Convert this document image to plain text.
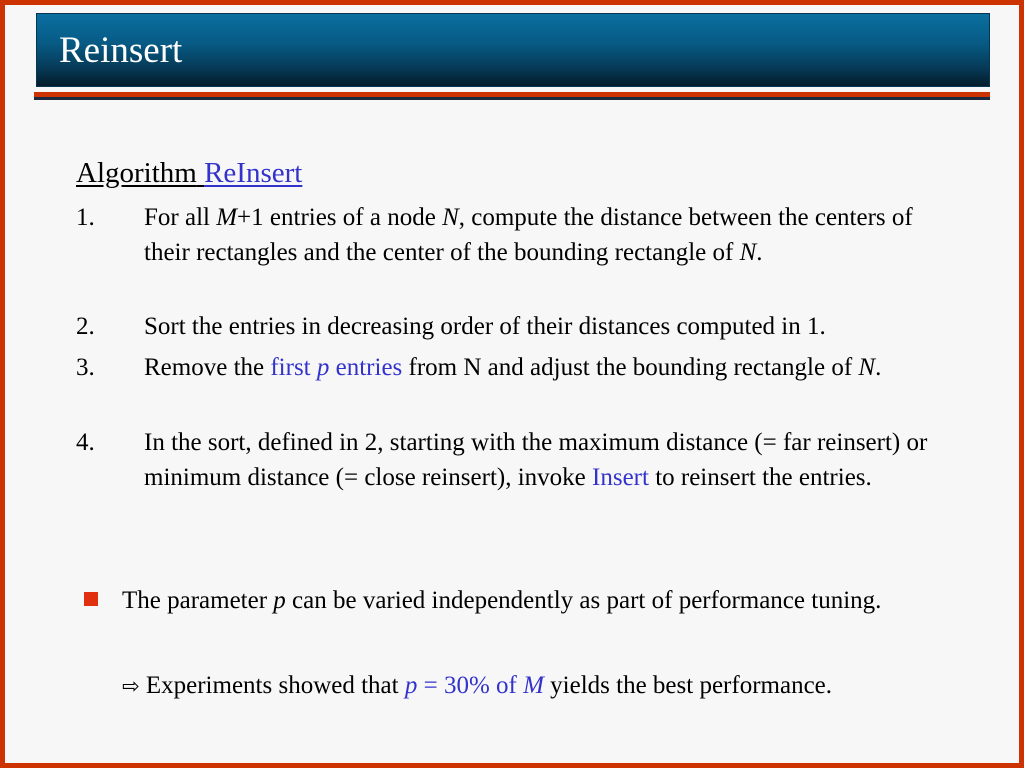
Reinsert
Algorithm ReInsert
1. For all M+1 entries of a node N, compute the distance between the centers of their rectangles and the center of the bounding rectangle of N.
2. Sort the entries in decreasing order of their distances computed in 1.
3. Remove the first p entries from N and adjust the bounding rectangle of N.
4. In the sort, defined in 2, starting with the maximum distance (= far reinsert) or minimum distance (= close reinsert), invoke Insert to reinsert the entries.
The parameter p can be varied independently as part of performance tuning.
⇨ Experiments showed that p = 30% of M yields the best performance.
